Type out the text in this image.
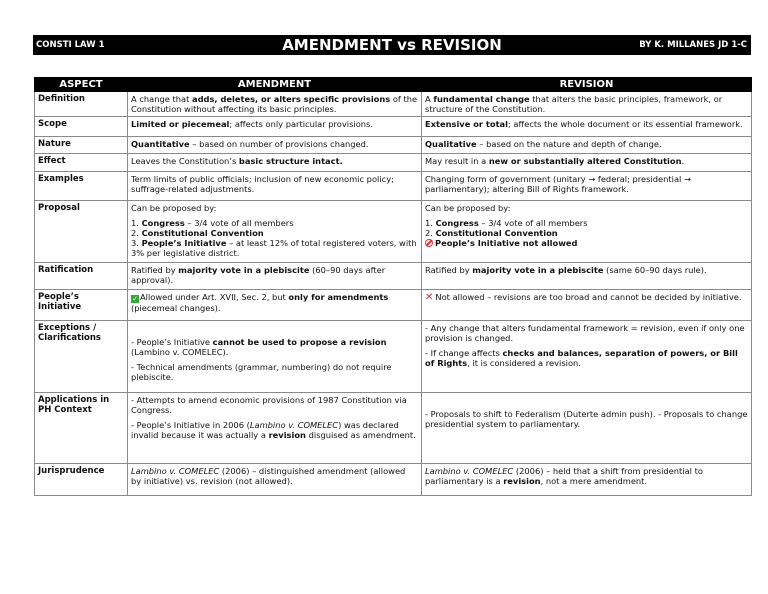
CONSTI LAW 1	AMENDMENT vs REVISION	BY K. MILLANES JD 1-C
ASPECT	AMENDMENT	REVISION
Definition	A change that adds, deletes, or alters specific provisions of the Constitution without affecting its basic principles.	A fundamental change that alters the basic principles, framework, or structure of the Constitution.
Scope	Limited or piecemeal; affects only particular provisions.	Extensive or total; affects the whole document or its essential framework.
Nature	Quantitative – based on number of provisions changed.	Qualitative – based on the nature and depth of change.
Effect	Leaves the Constitution’s basic structure intact.	May result in a new or substantially altered Constitution.
Examples	Term limits of public officials; inclusion of new economic policy; suffrage-related adjustments.	Changing form of government (unitary → federal; presidential → parliamentary); altering Bill of Rights framework.
Proposal	Can be proposed by:
1. Congress – 3/4 vote of all members
2. Constitutional Convention
3. People’s Initiative – at least 12% of total registered voters, with 3% per legislative district.	Can be proposed by:
1. Congress – 3/4 vote of all members
2. Constitutional Convention
People’s Initiative not allowed

Ratification	Ratified by majority vote in a plebiscite (60–90 days after approval).	Ratified by majority vote in a plebiscite (same 60–90 days rule).
People’s Initiative	✓ Allowed under Art. XVII, Sec. 2, but only for amendments (piecemeal changes).	✕ Not allowed – revisions are too broad and cannot be decided by initiative.
Exceptions / Clarifications	- People’s Initiative cannot be used to propose a revision (Lambino v. COMELEC).
- Technical amendments (grammar, numbering) do not require plebiscite.	- Any change that alters fundamental framework = revision, even if only one provision is changed.
- If change affects checks and balances, separation of powers, or Bill of Rights, it is considered a revision.

Applications in PH Context	- Attempts to amend economic provisions of 1987 Constitution via Congress.
- People’s Initiative in 2006 (Lambino v. COMELEC) was declared invalid because it was actually a revision disguised as amendment.	- Proposals to shift to Federalism (Duterte admin push). - Proposals to change presidential system to parliamentary.
Jurisprudence	Lambino v. COMELEC (2006) – distinguished amendment (allowed by initiative) vs. revision (not allowed).	Lambino v. COMELEC (2006) – held that a shift from presidential to parliamentary is a revision, not a mere amendment.
